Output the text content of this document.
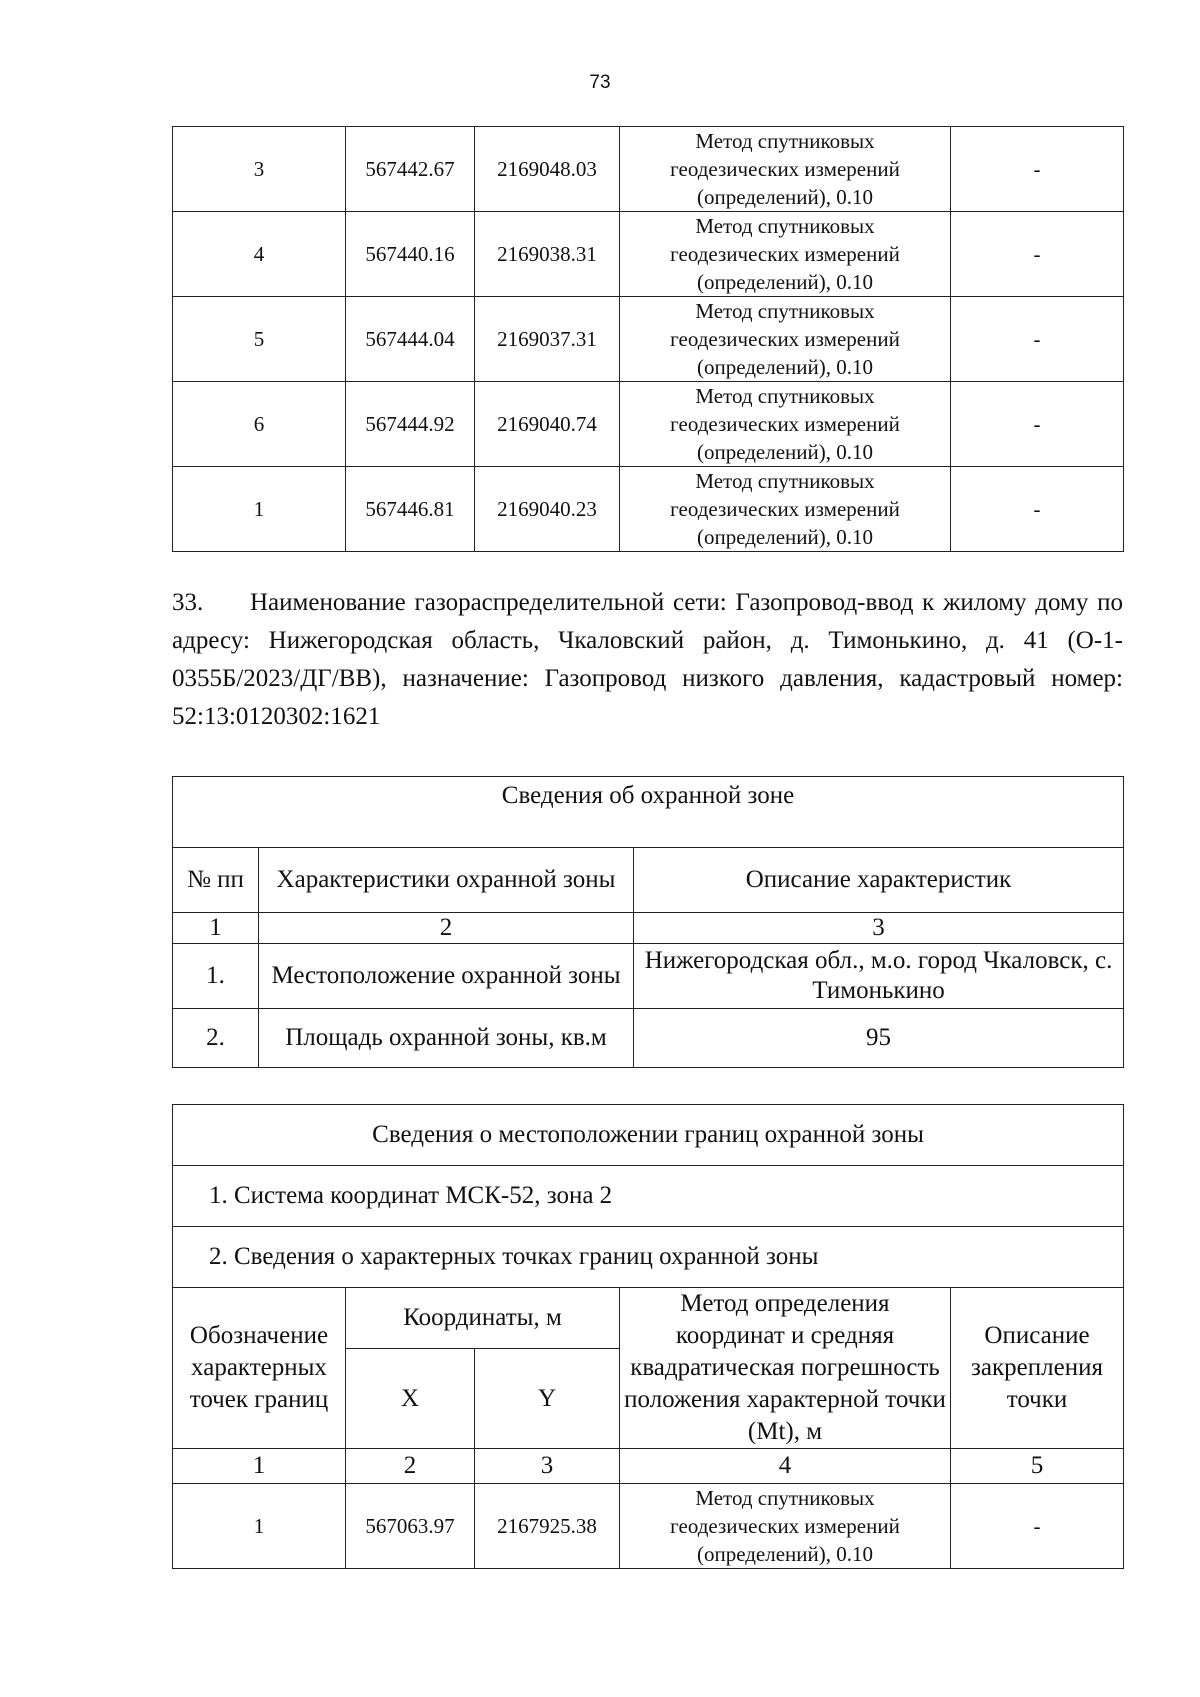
73
3	567442.67	2169048.03	Метод спутниковых
геодезических измерений
(определений), 0.10	-
4	567440.16	2169038.31	Метод спутниковых
геодезических измерений
(определений), 0.10	-
5	567444.04	2169037.31	Метод спутниковых
геодезических измерений
(определений), 0.10	-
6	567444.92	2169040.74	Метод спутниковых
геодезических измерений
(определений), 0.10	-
1	567446.81	2169040.23	Метод спутниковых
геодезических измерений
(определений), 0.10	-
33. Наименование газораспределительной сети: Газопровод-ввод к жилому дому по адресу: Нижегородская область, Чкаловский район, д. Тимонькино, д. 41 (О-1-0355Б/2023/ДГ/ВВ), назначение: Газопровод низкого давления, кадастровый номер: 52:13:0120302:1621
Сведения об охранной зоне		
№ пп	Характеристики охранной зоны	Описание характеристик
1	2	3
1.	Местоположение охранной зоны	Нижегородская обл., м.о. город Чкаловск, с. Тимонькино
2.	Площадь охранной зоны, кв.м	95
Сведения о местоположении границ охранной зоны				
1. Система координат МСК-52, зона 2				
2. Сведения о характерных точках границ охранной зоны				
Обозначение характерных точек границ	Координаты, м		Метод определения координат и средняя квадратическая погрешность положения характерной точки (Mt), м	Описание закрепления точки
	X	Y		
1	2	3	4	5
1	567063.97	2167925.38	Метод спутниковых
геодезических измерений
(определений), 0.10	-
